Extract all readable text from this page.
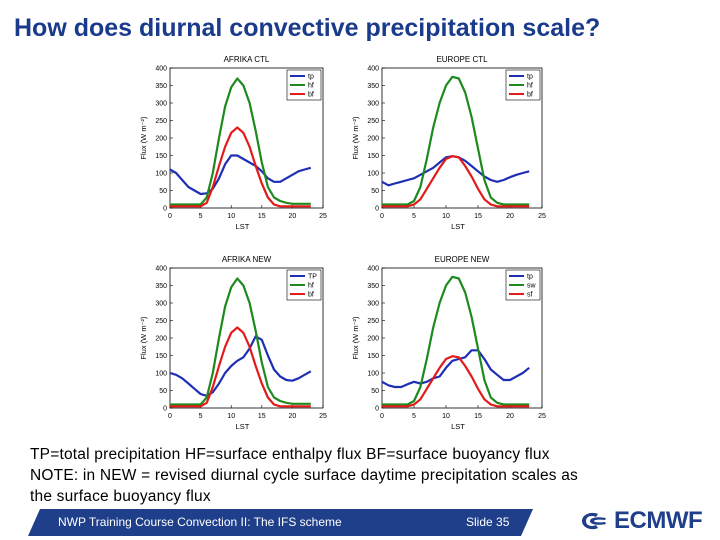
How does diurnal convective precipitation scale?
AFRIKA CTL
0
50
100
150
200
250
300
350
400
0	5	10	15	20	25
LST
Flux (W m⁻²)
tp
hf
bf
EUROPE CTL
0
50
100
150
200
250
300
350
400
0	5	10	15	20	25
LST
Flux (W m⁻²)
tp
hf
bf
AFRIKA NEW
0
50
100
150
200
250
300
350
400
0	5	10	15	20	25
LST
Flux (W m⁻²)
TP
hf
bf
EUROPE NEW
0
50
100
150
200
250
300
350
400
0	5	10	15	20	25
LST
Flux (W m⁻²)
tp
sw
sf
TP=total precipitation HF=surface enthalpy flux BF=surface buoyancy flux
NOTE: in NEW = revised diurnal cycle surface daytime precipitation scales as
the surface buoyancy flux
NWP Training Course Convection II: The IFS scheme	Slide 35	ECMWF
